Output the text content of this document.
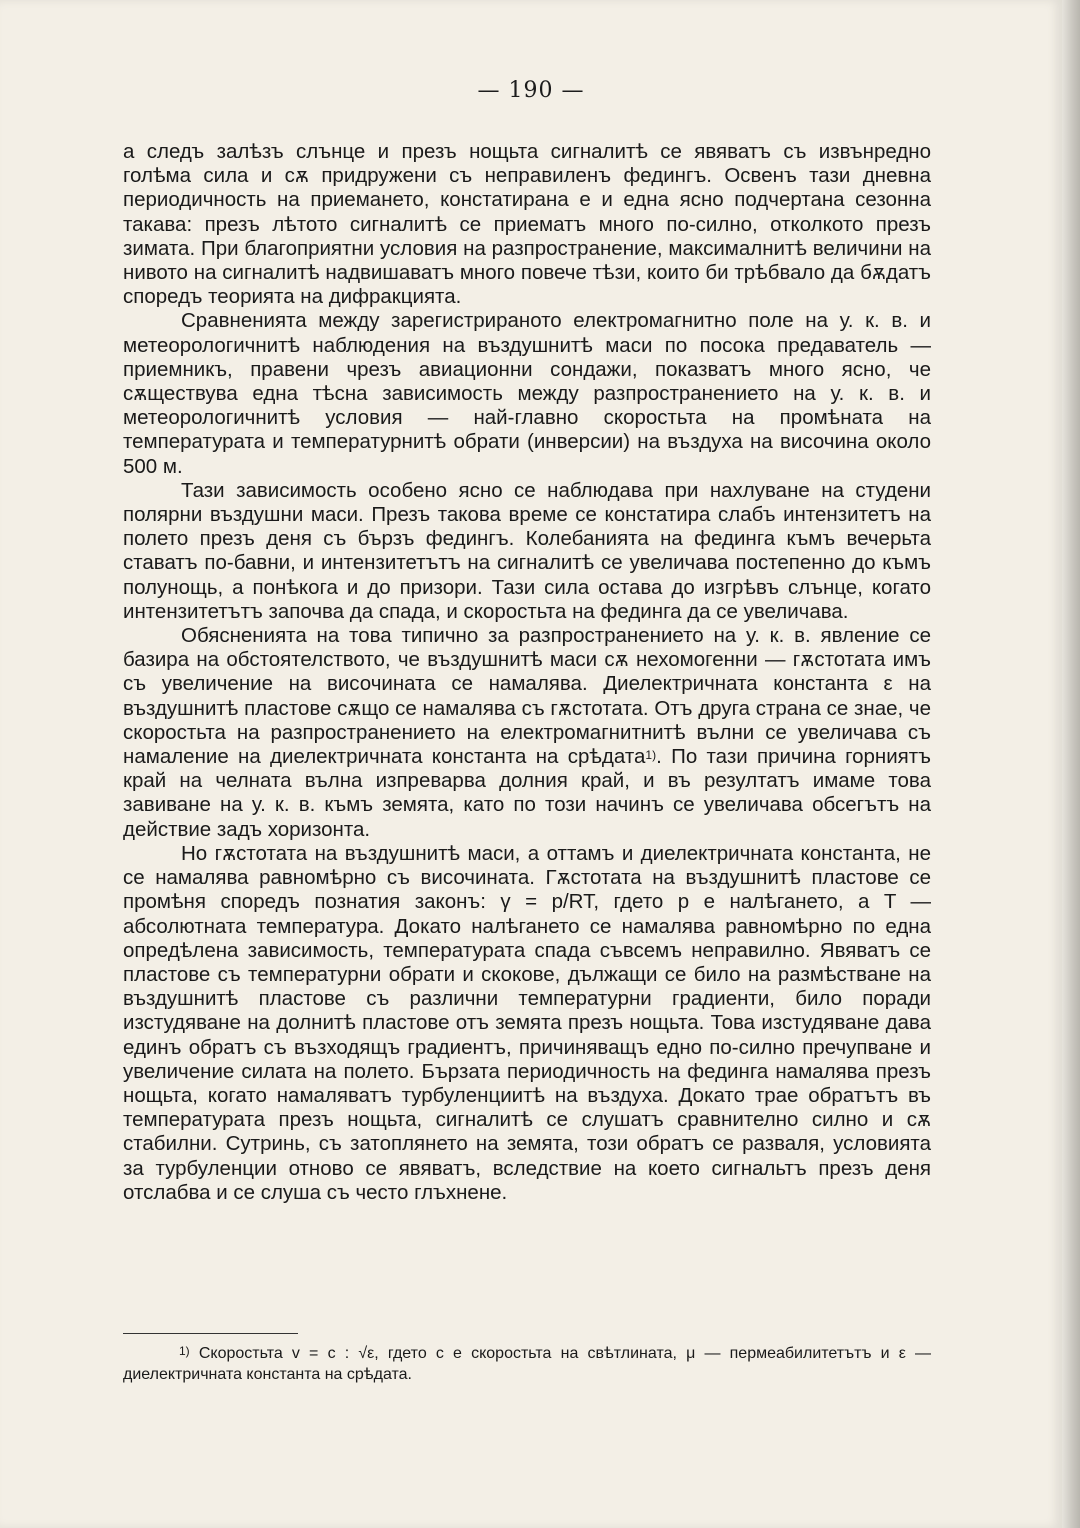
— 190 —

а следъ залѣзъ слънце и презъ нощьта сигналитѣ се явяватъ съ извънредно голѣма сила и сѫ придружени съ неправиленъ федингъ. Освенъ тази дневна периодичность на приемането, констатирана е и една ясно подчертана сезонна такава: презъ лѣтото сигналитѣ се приематъ много по-силно, отколкото презъ зимата. При благоприятни условия на разпространение, максималнитѣ величини на нивото на сигналитѣ надвишаватъ много повече тѣзи, които би трѣбвало да бѫдатъ споредъ теорията на дифракцията.

Сравненията между зарегистрираното електромагнитно поле на у. к. в. и метеорологичнитѣ наблюдения на въздушнитѣ маси по посока предаватель — приемникъ, правени чрезъ авиационни сондажи, показватъ много ясно, че сѫществува една тѣсна зависимость между разпространението на у. к. в. и метеорологичнитѣ условия — най-главно скоростьта на промѣната на температурата и температурнитѣ обрати (инверсии) на въздуха на височина около 500 м.

Тази зависимость особено ясно се наблюдава при нахлуване на студени полярни въздушни маси. Презъ такова време се констатира слабъ интензитетъ на полето презъ деня съ бързъ федингъ. Колебанията на фединга къмъ вечерьта ставатъ по-бавни, и интензитетътъ на сигналитѣ се увеличава постепенно до къмъ полунощь, а понѣкога и до призори. Тази сила остава до изгрѣвъ слънце, когато интензитетътъ започва да спада, и скоростьта на фединга да се увеличава.

Обясненията на това типично за разпространението на у. к. в. явление се базира на обстоятелството, че въздушнитѣ маси сѫ нехомогенни — гѫстотата имъ съ увеличение на височината се намалява. Диелектричната константа ε на въздушнитѣ пластове сѫщо се намалява съ гѫстотата. Отъ друга страна се знае, че скоростьта на разпространението на електромагнитнитѣ вълни се увеличава съ намаление на диелектричната константа на срѣдата$^{1)}$. По тази причина горниятъ край на челната вълна изпреварва долния край, и въ резултатъ имаме това завиване на у. к. в. къмъ земята, като по този начинъ се увеличава обсегътъ на действие задъ хоризонта.

Но гѫстотата на въздушнитѣ маси, а оттамъ и диелектричната константа, не се намалява равномѣрно съ височината. Гѫстотата на въздушнитѣ пластове се промѣня споредъ познатия законъ: γ = p/RT, гдето p е налѣгането, а T — абсолютната температура. Докато налѣгането се намалява равномѣрно по една опредѣлена зависимость, температурата спада съвсемъ неправилно. Явяватъ се пластове съ температурни обрати и скокове, дължащи се било на размѣстване на въздушнитѣ пластове съ различни температурни градиенти, било поради изстудяване на долнитѣ пластове отъ земята презъ нощьта. Това изстудяване дава единъ обратъ съ възходящъ градиентъ, причиняващъ едно по-силно пречупване и увеличение силата на полето. Бързата периодичность на фединга намалява презъ нощьта, когато намаляватъ турбуленциитѣ на въздуха. Докато трае обратътъ въ температурата презъ нощьта, сигналитѣ се слушатъ сравнително силно и сѫ стабилни. Сутринь, съ затоплянето на земята, този обратъ се разваля, условията за турбуленции отново се явяватъ, вследствие на което сигнальтъ презъ деня отслабва и се слуша съ често глъхнене.

$^{1)}$ Скоростьта v = c : √ε, гдето c е скоростьта на свѣтлината, μ — пермеабилитетътъ и ε — диелектричната константа на срѣдата.
